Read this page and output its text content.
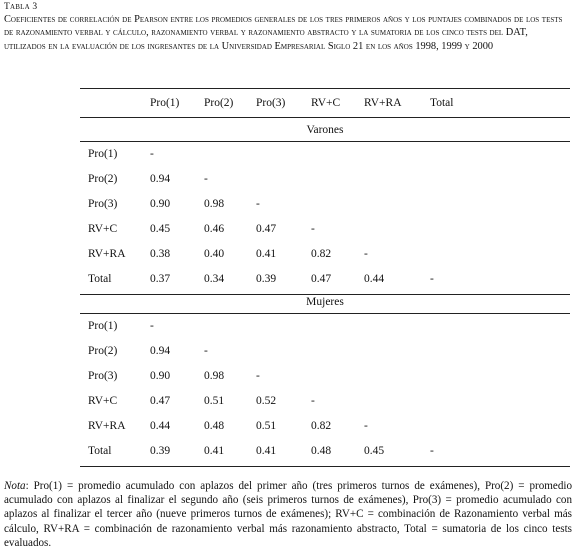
Tabla 3
Coeficientes de correlación de Pearson entre los promedios generales de los tres primeros años y los puntajes combinados de los tests de razonamiento verbal y cálculo, razonamiento verbal y razonamiento abstracto y la sumatoria de los cinco tests del DAT, utilizados en la evaluación de los ingresantes de la Universidad Empresarial Siglo 21 en los años 1998, 1999 y 2000
Pro(1) Pro(2) Pro(3) RV+C RV+RA Total
Varones
Pro(1)	-
Pro(2)	0.94	-
Pro(3)	0.90	0.98	-
RV+C	0.45	0.46	0.47	-
RV+RA 0.38	0.40	0.41	0.82	-
Total	0.37	0.34	0.39	0.47	0.44	-
Mujeres
Pro(1)	-
Pro(2)	0.94	-
Pro(3)	0.90	0.98	-
RV+C	0.47	0.51	0.52	-
RV+RA 0.44	0.48	0.51	0.82	-
Total	0.39	0.41	0.41	0.48	0.45	-
Nota: Pro(1) = promedio acumulado con aplazos del primer año (tres primeros turnos de exámenes), Pro(2) = promedio acumulado con aplazos al finalizar el segundo año (seis primeros turnos de exámenes), Pro(3) = promedio acumulado con aplazos al finalizar el tercer año (nueve primeros turnos de exámenes); RV+C = combinación de Razonamiento verbal más cálculo, RV+RA = combinación de razonamiento verbal más razonamiento abstracto, Total = sumatoria de los cinco tests evaluados.
